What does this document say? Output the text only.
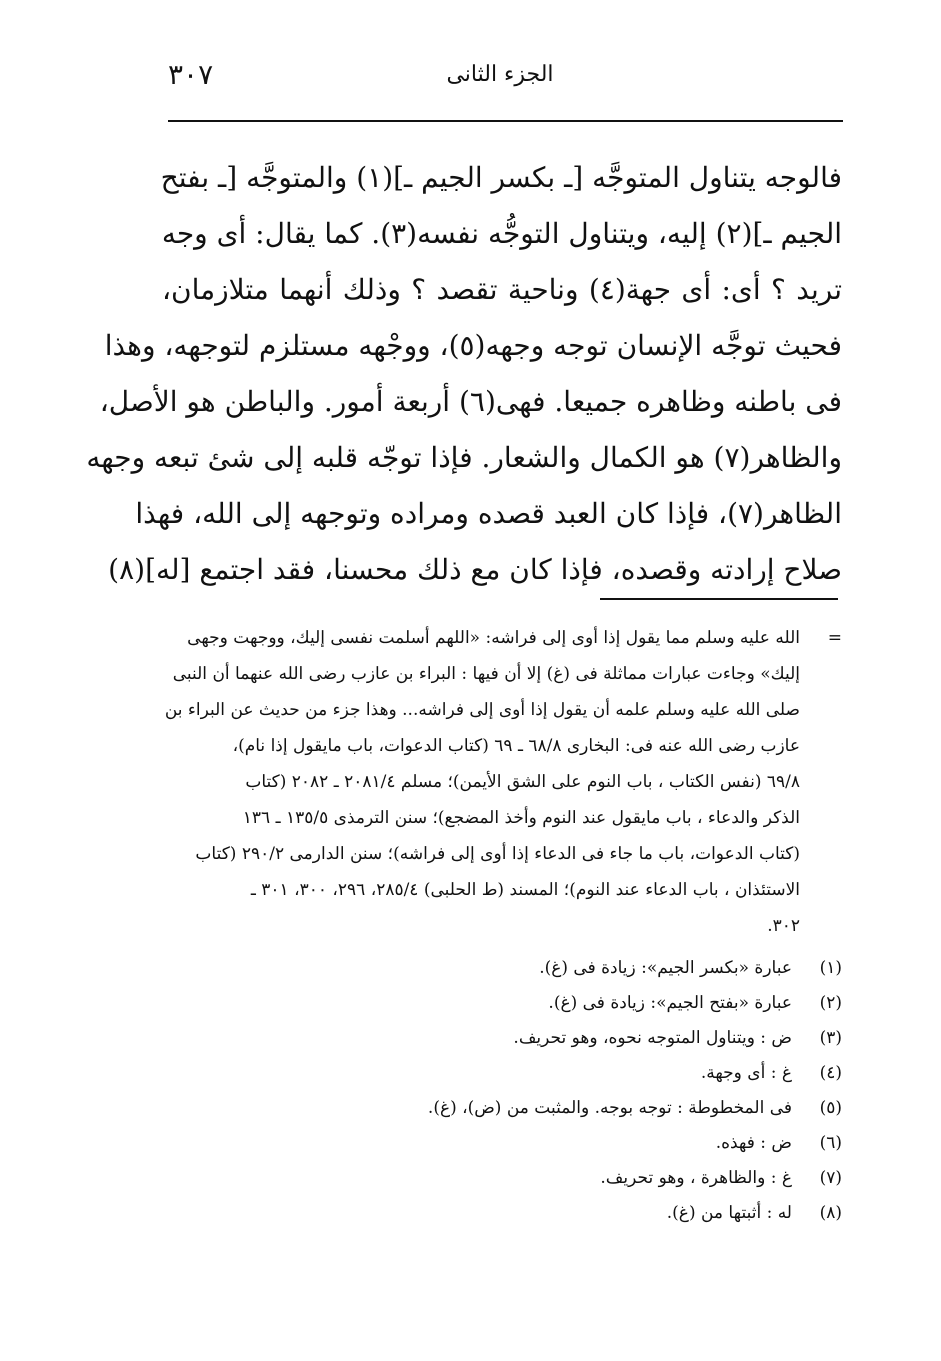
٣٠٧	الجزء الثانى
فالوجه يتناول المتوجَّه [ـ بكسر الجيم ـ](١) والمتوجَّه [ـ بفتح
الجيم ـ](٢) إليه، ويتناول التوجُّه نفسه(٣). كما يقال: أى وجه
تريد ؟ أى: أى جهة(٤) وناحية تقصد ؟ وذلك أنهما متلازمان،
فحيث توجَّه الإنسان توجه وجهه(٥)، ووجْهه مستلزم لتوجهه، وهذا
فى باطنه وظاهره جميعا. فهى(٦) أربعة أمور. والباطن هو الأصل،
والظاهر(٧) هو الكمال والشعار. فإذا توجّه قلبه إلى شئ تبعه وجهه
الظاهر(٧)، فإذا كان العبد قصده ومراده وتوجهه إلى الله، فهذا
صلاح إرادته وقصده، فإذا كان مع ذلك محسنا، فقد اجتمع [له](٨)
=
الله عليه وسلم مما يقول إذا أوى إلى فراشه: «اللهم أسلمت نفسى إليك، ووجهت وجهى
إليك» وجاءت عبارات مماثلة فى (غ) إلا أن فيها : البراء بن عازب رضى الله عنهما أن النبى
صلى الله عليه وسلم علمه أن يقول إذا أوى إلى فراشه... وهذا جزء من حديث عن البراء بن
عازب رضى الله عنه فى: البخارى ٦٨/٨ ـ ٦٩ (كتاب الدعوات، باب مايقول إذا نام)،
٦٩/٨ (نفس الكتاب ، باب النوم على الشق الأيمن)؛ مسلم ٢٠٨١/٤ ـ ٢٠٨٢ (كتاب
الذكر والدعاء ، باب مايقول عند النوم وأخذ المضجع)؛ سنن الترمذى ١٣٥/٥ ـ ١٣٦
(كتاب الدعوات، باب ما جاء فى الدعاء إذا أوى إلى فراشه)؛ سنن الدارمى ٢٩٠/٢ (كتاب
الاستئذان ، باب الدعاء عند النوم)؛ المسند (ط الحلبى) ٢٨٥/٤، ٢٩٦، ٣٠٠، ٣٠١ ـ
٣٠٢.
(١)
عبارة «بكسر الجيم»: زيادة فى (غ).
(٢)
عبارة «بفتح الجيم»: زيادة فى (غ).
(٣)
ض : ويتناول المتوجه نحوه، وهو تحريف.
(٤)
غ : أى وجهة.
(٥)
فى المخطوطة : توجه بوجه. والمثبت من (ض)، (غ).
(٦)
ض : فهذه.
(٧)
غ : والظاهرة ، وهو تحريف.
(٨)
له : أثبتها من (غ).
